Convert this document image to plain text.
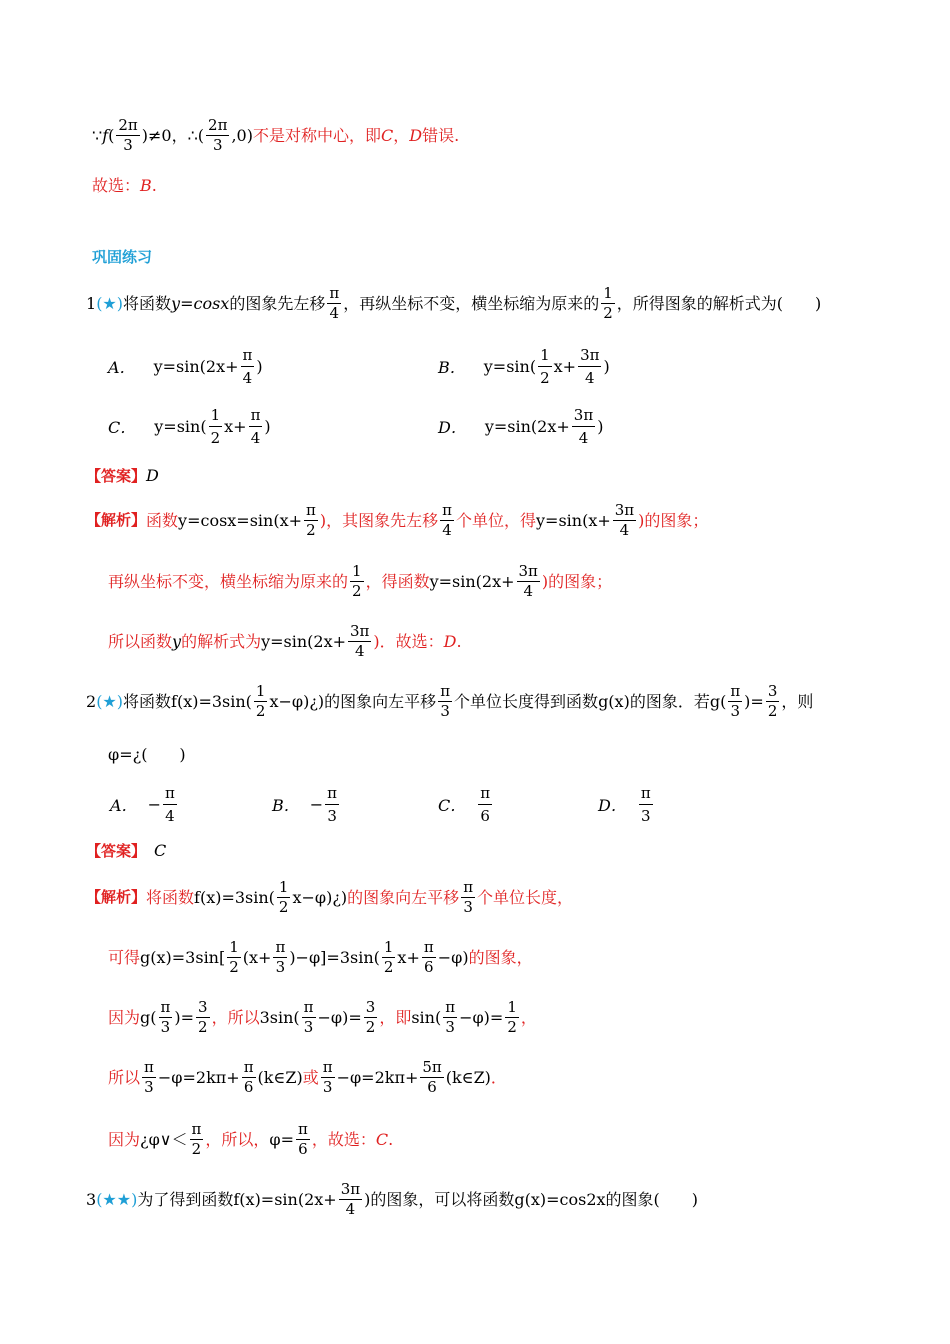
∵ f ( $\frac{2\pi}{3} )\ne 0$， ∴ ( $\frac{2\pi}{3} ,0$) 不是对称中心，即 C ， D 错误.
故选： B .
巩固练习
1 (★) 将函数 y = cosx 的图象先左移 $\frac{\pi}{4}$ ，再纵坐标不变，横坐标缩为原来的 $\frac{1}{2}$ ，所得图象的解析式为(　　)
A． $y=\sin(2x+ \frac{\pi}{4}$ )	B． $y=\sin( \frac{1}{2} x+ \frac{3\pi}{4}$ )
C． $y=\sin( \frac{1}{2} x+ \frac{\pi}{4}$ )	D． $y=\sin(2x+ \frac{3\pi}{4}$ )
【答案】 D
【解析】 函数 $y=\cos x=\sin(x+ \frac{\pi}{2}$ )，其图象先左移 $\frac{\pi}{4}$ 个单位，得 $y=\sin(x+ \frac{3\pi}{4}$ )的图象；
再纵坐标不变，横坐标缩为原来的 $\frac{1}{2}$ ，得函数 $y=\sin(2x+ \frac{3\pi}{4}$ )的图象；
所以函数 y 的解析式为 $y=\sin(2x+ \frac{3\pi}{4}$ )．故选： D .
2 (★) 将函数 $f(x)=3\sin( \frac{1}{2}$ x−φ)¿) 的图象向左平移 $\frac{\pi}{3}$ 个单位长度得到函数 g(x) 的图象．若 $g( \frac{\pi}{3}$ )= $\frac{3}{2}$ ，则
φ=¿(　　)
A． − $\frac{\pi}{4}$	B． − $\frac{\pi}{3}$	C． $\frac{\pi}{6}$	D． $\frac{\pi}{3}$
【答案】 C
【解析】 将函数 $f(x)=3\sin( \frac{1}{2}$ x−φ)¿) 的图象向左平移 $\frac{\pi}{3}$ 个单位长度，
可得 $g(x)=3\sin[ \frac{1}{2} (x+ \frac{\pi}{3} )-\varphi]=3\sin( \frac{1}{2} x+ \frac{\pi}{6} -\varphi)$ 的图象，
因为 $g( \frac{\pi}{3}$ )= $\frac{3}{2}$ ，所以 $3\sin( \frac{\pi}{3} -\varphi)= \frac{3}{2}$ ，即 $\sin( \frac{\pi}{3} -\varphi)= \frac{1}{2}$ ，
所以 $\frac{\pi}{3} -\varphi=2k\pi+ \frac{\pi}{6}$ (k∈Z) 或 $\frac{\pi}{3} -\varphi=2k\pi+ \frac{5\pi}{6}$ (k∈Z) ．
因为 ¿φ∨＜ $\frac{\pi}{2}$ ，所以， $\varphi= \frac{\pi}{6}$ ，故选： C .
3 (★★) 为了得到函数 $f(x)=\sin(2x+ \frac{3\pi}{4}$ )的图象，可以将函数 g(x)=cos2x 的图象(　　)
